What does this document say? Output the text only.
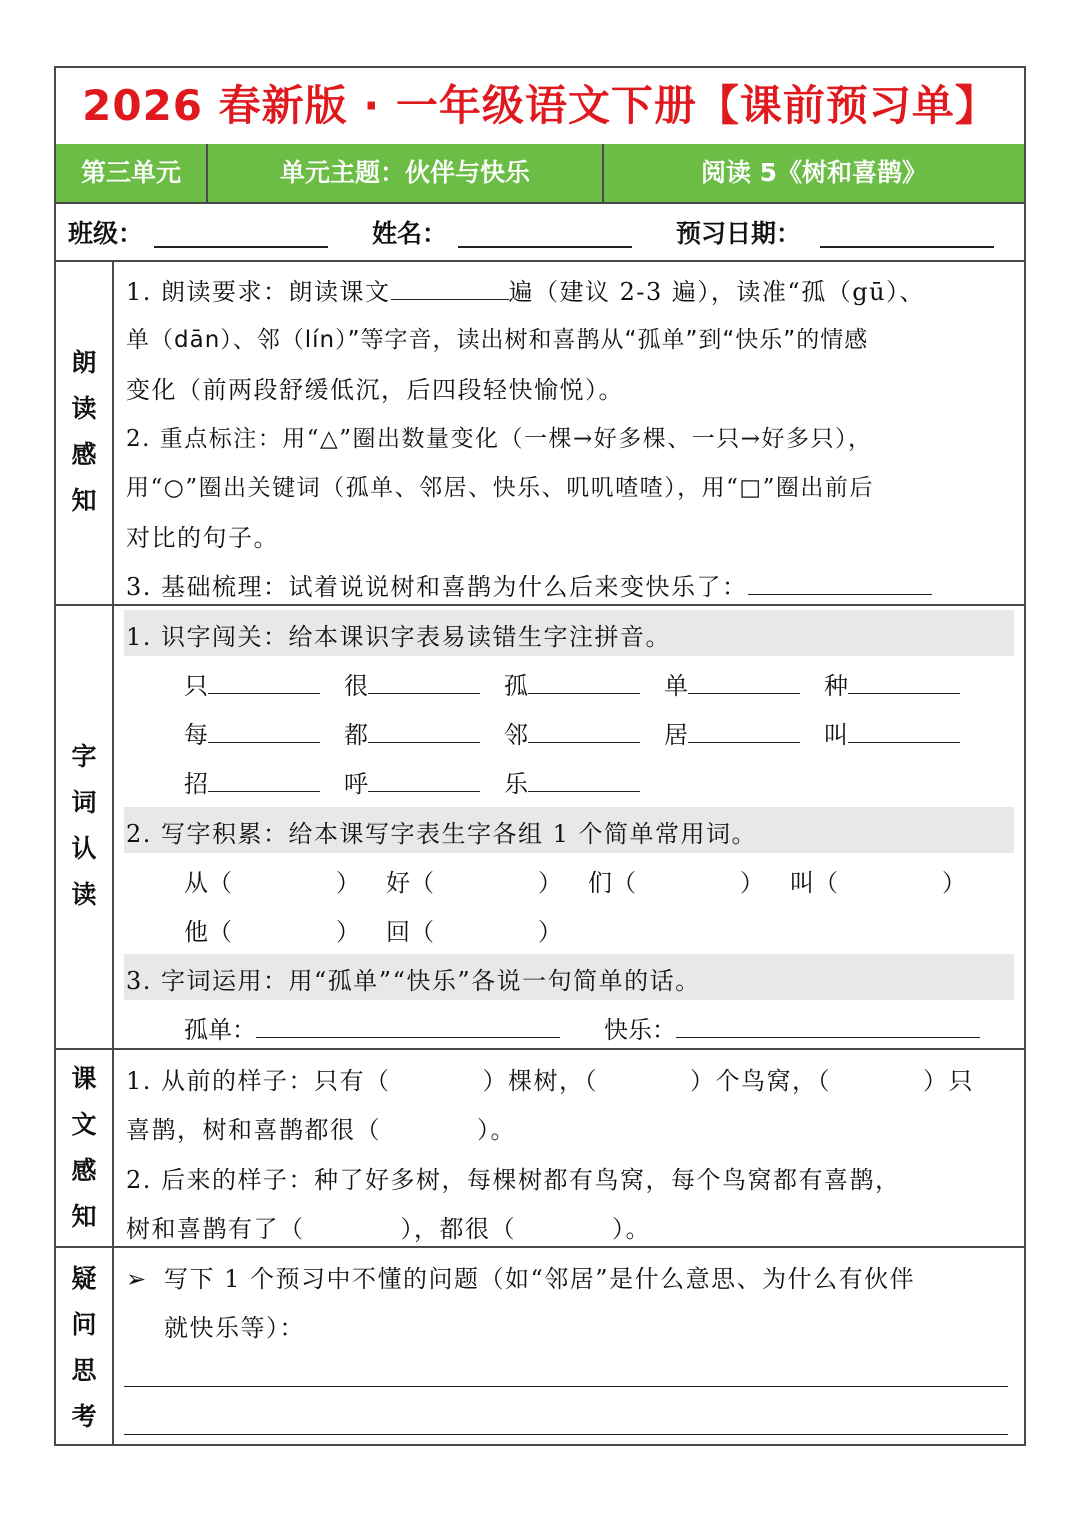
2026 春新版 · 一年级语文下册【课前预习单】
第三单元	单元主题：伙伴与快乐	阅读 5《树和喜鹊》
班级：	姓名：	预习日期：
朗
读
感
知
1. 朗读要求：朗读课文	遍（建议 2-3 遍），读准“孤（gū）、
单（dān）、邻（lín）”等字音，读出树和喜鹊从“孤单”到“快乐”的情感
变化（前两段舒缓低沉，后四段轻快愉悦）。
2. 重点标注：用“△”圈出数量变化（一棵→好多棵、一只→好多只），
用“○”圈出关键词（孤单、邻居、快乐、叽叽喳喳），用“□”圈出前后
对比的句子。
3. 基础梳理：试着说说树和喜鹊为什么后来变快乐了：
字
词
认
读
1. 识字闯关：给本课识字表易读错生字注拼音。
只	很	孤	单	种
每	都	邻	居	叫
招	呼	乐
2. 写字积累：给本课写字表生字各组 1 个简单常用词。
从（	） 好（	） 们（	） 叫（	）
他（	） 回（	）
3. 字词运用：用“孤单”“快乐”各说一句简单的话。
孤单：	快乐：
课
文
感
知
1. 从前的样子：只有（	）棵树，（	）个鸟窝，（	）只
喜鹊，树和喜鹊都很（	）。
2. 后来的样子：种了好多树，每棵树都有鸟窝，每个鸟窝都有喜鹊，
树和喜鹊有了（	），都很（	）。
疑
问
思
考
➢ 写下 1 个预习中不懂的问题（如“邻居”是什么意思、为什么有伙伴
就快乐等）：
